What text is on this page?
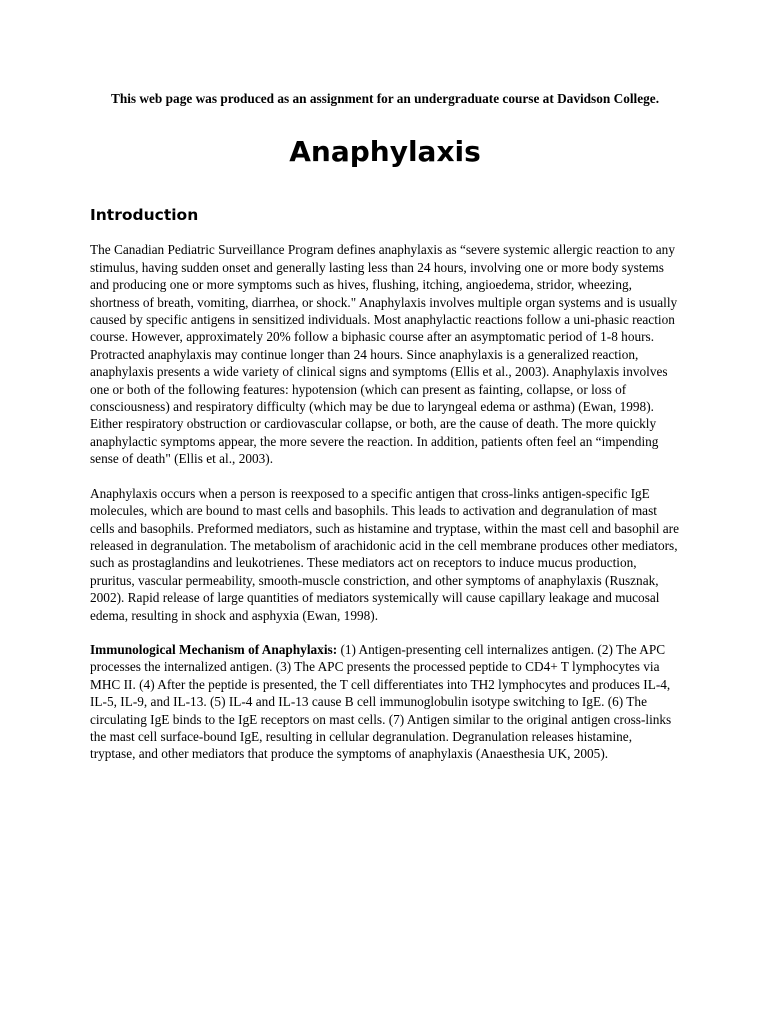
This web page was produced as an assignment for an undergraduate course at Davidson College.

Anaphylaxis
Introduction

The Canadian Pediatric Surveillance Program defines anaphylaxis as “severe systemic allergic reaction to any stimulus, having sudden onset and generally lasting less than 24 hours, involving one or more body systems and producing one or more symptoms such as hives, flushing, itching, angioedema, stridor, wheezing, shortness of breath, vomiting, diarrhea, or shock." Anaphylaxis involves multiple organ systems and is usually caused by specific antigens in sensitized individuals. Most anaphylactic reactions follow a uni-phasic reaction course. However, approximately 20% follow a biphasic course after an asymptomatic period of 1-8 hours. Protracted anaphylaxis may continue longer than 24 hours. Since anaphylaxis is a generalized reaction, anaphylaxis presents a wide variety of clinical signs and symptoms (Ellis et al., 2003). Anaphylaxis involves one or both of the following features: hypotension (which can present as fainting, collapse, or loss of consciousness) and respiratory difficulty (which may be due to laryngeal edema or asthma) (Ewan, 1998). Either respiratory obstruction or cardiovascular collapse, or both, are the cause of death. The more quickly anaphylactic symptoms appear, the more severe the reaction. In addition, patients often feel an “impending sense of death" (Ellis et al., 2003).

Anaphylaxis occurs when a person is reexposed to a specific antigen that cross-links antigen-specific IgE molecules, which are bound to mast cells and basophils. This leads to activation and degranulation of mast cells and basophils. Preformed mediators, such as histamine and tryptase, within the mast cell and basophil are released in degranulation. The metabolism of arachidonic acid in the cell membrane produces other mediators, such as prostaglandins and leukotrienes. These mediators act on receptors to induce mucus production, pruritus, vascular permeability, smooth-muscle constriction, and other symptoms of anaphylaxis (Rusznak, 2002). Rapid release of large quantities of mediators systemically will cause capillary leakage and mucosal edema, resulting in shock and asphyxia (Ewan, 1998).

Immunological Mechanism of Anaphylaxis: (1) Antigen-presenting cell internalizes antigen. (2) The APC processes the internalized antigen. (3) The APC presents the processed peptide to CD4+ T lymphocytes via MHC II. (4) After the peptide is presented, the T cell differentiates into TH2 lymphocytes and produces IL-4, IL-5, IL-9, and IL-13. (5) IL-4 and IL-13 cause B cell immunoglobulin isotype switching to IgE. (6) The circulating IgE binds to the IgE receptors on mast cells. (7) Antigen similar to the original antigen cross-links the mast cell surface-bound IgE, resulting in cellular degranulation. Degranulation releases histamine, tryptase, and other mediators that produce the symptoms of anaphylaxis (Anaesthesia UK, 2005).
